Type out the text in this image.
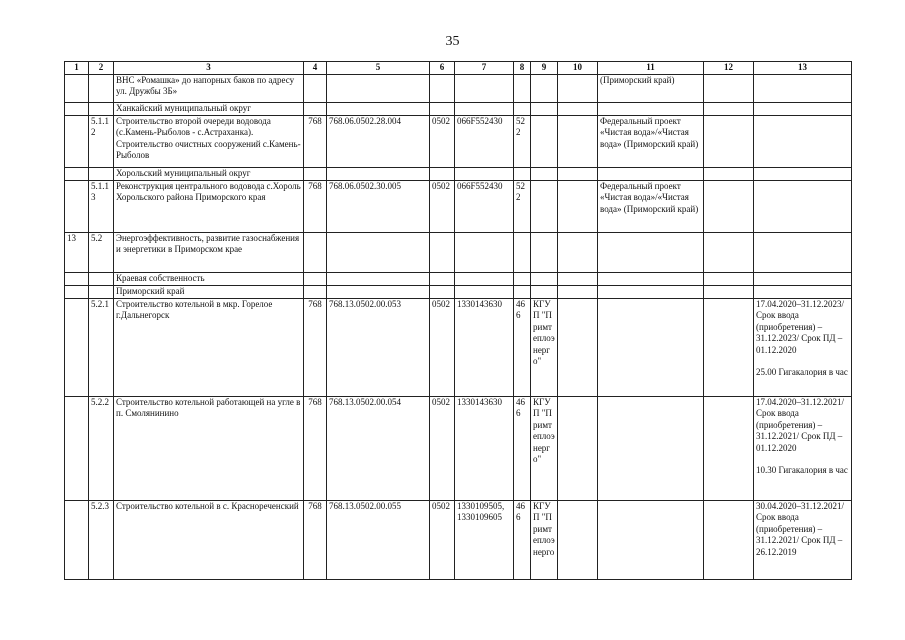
35
1	2	3	4	5	6	7	8	9	10	11	12	13
		ВНС «Ромашка» до напорных баков по адресу ул. Дружбы 3Б»								(Приморский край)		
		Ханкайский муниципальный округ										
	5.1.12	Строительство второй очереди водовода (с.Камень-Рыболов - с.Астраханка). Строительство очистных сооружений с.Камень-Рыболов	768	768.06.0502.28.004	0502	066F552430	522			Федеральный проект «Чистая вода»/«Чистая вода» (Приморский край)		
		Хорольский муниципальный округ										
	5.1.13	Реконструкция центрального водовода с.Хороль Хорольского района Приморского края	768	768.06.0502.30.005	0502	066F552430	522			Федеральный проект «Чистая вода»/«Чистая вода» (Приморский край)		
13	5.2	Энергоэффективность, развитие газоснабжения и энергетики в Приморском крае										
		Краевая собственность										
		Приморский край										
	5.2.1	Строительство котельной в мкр. Горелое г.Дальнегорск	768	768.13.0502.00.053	0502	1330143630	466	КГУП "Примтеплоэнерго"				17.04.2020–31.12.2023/ Срок ввода (приобретения) – 31.12.2023/ Срок ПД – 01.12.2020
25.00 Гигакалория в час
	5.2.2	Строительство котельной работающей на угле в п. Смолянинино	768	768.13.0502.00.054	0502	1330143630	466	КГУП "Примтеплоэнерго"				17.04.2020–31.12.2021/ Срок ввода (приобретения) – 31.12.2021/ Срок ПД – 01.12.2020
10.30 Гигакалория в час
	5.2.3	Строительство котельной в с. Краснореченский	768	768.13.0502.00.055	0502	1330109505, 1330109605	466	КГУП "Примтеплоэнерго				30.04.2020–31.12.2021/ Срок ввода (приобретения) – 31.12.2021/ Срок ПД – 26.12.2019
